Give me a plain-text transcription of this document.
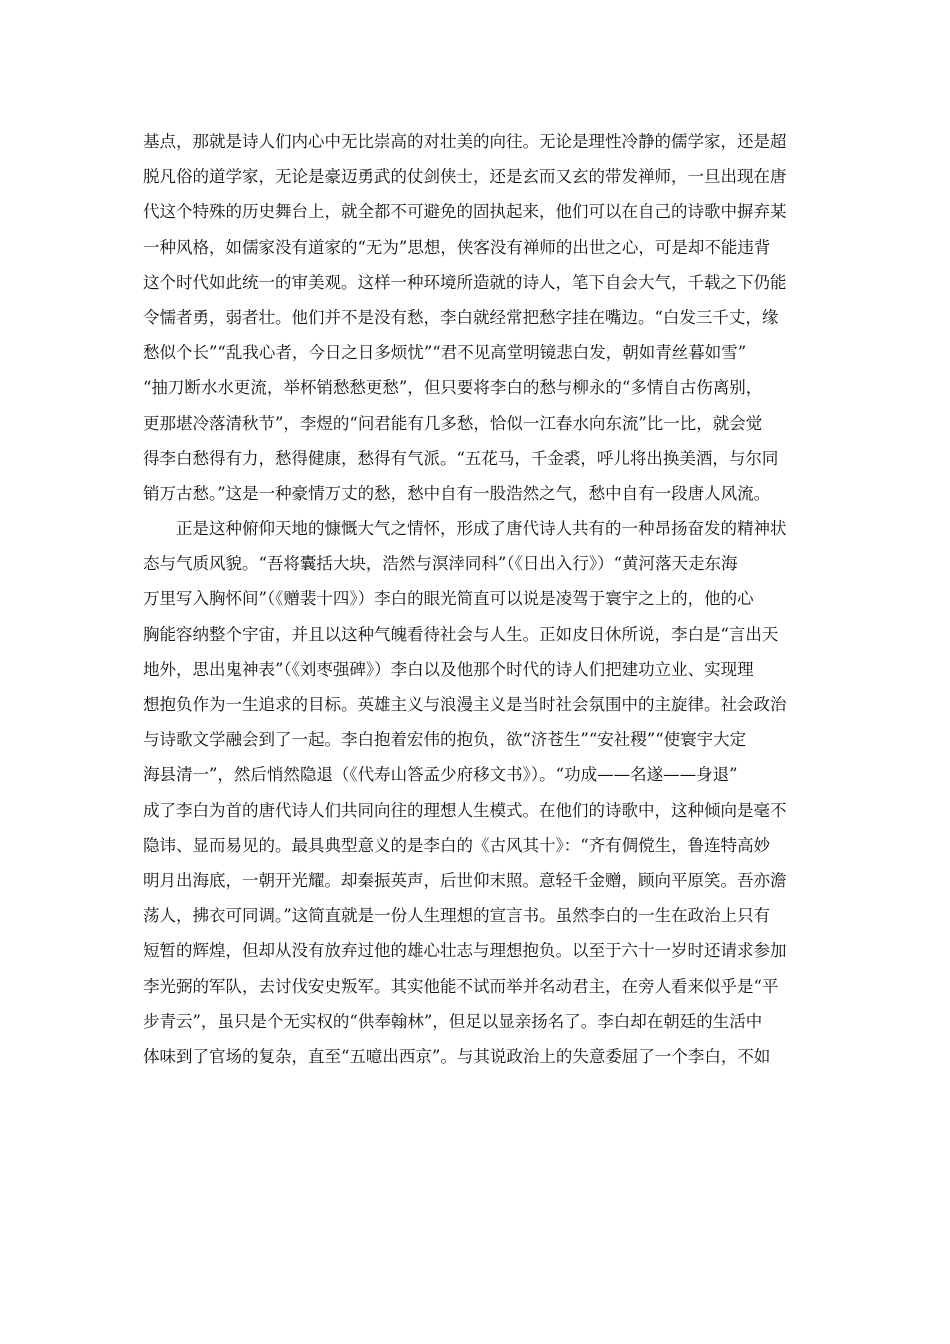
基点，那就是诗人们内心中无比崇高的对壮美的向往。无论是理性冷静的儒学家，还是超
脱凡俗的道学家，无论是豪迈勇武的仗剑侠士，还是玄而又玄的带发禅师，一旦出现在唐
代这个特殊的历史舞台上，就全都不可避免的固执起来，他们可以在自己的诗歌中摒弃某
一种风格，如儒家没有道家的“无为”思想，侠客没有禅师的出世之心，可是却不能违背
这个时代如此统一的审美观。这样一种环境所造就的诗人，笔下自会大气，千载之下仍能
令懦者勇，弱者壮。他们并不是没有愁，李白就经常把愁字挂在嘴边。“白发三千丈，缘
愁似个长”“乱我心者，今日之日多烦忧”“君不见高堂明镜悲白发，朝如青丝暮如雪”
“抽刀断水水更流，举杯销愁愁更愁”，但只要将李白的愁与柳永的“多情自古伤离别，
更那堪冷落清秋节”，李煜的“问君能有几多愁，恰似一江春水向东流”比一比，就会觉
得李白愁得有力，愁得健康，愁得有气派。“五花马，千金裘，呼儿将出换美酒，与尔同
销万古愁。”这是一种豪情万丈的愁，愁中自有一股浩然之气，愁中自有一段唐人风流。
　　正是这种俯仰天地的慷慨大气之情怀，形成了唐代诗人共有的一种昂扬奋发的精神状
态与气质风貌。“吾将囊括大块，浩然与溟涬同科”（《日出入行》）“黄河落天走东海
万里写入胸怀间”（《赠裴十四》）李白的眼光简直可以说是凌驾于寰宇之上的，他的心
胸能容纳整个宇宙，并且以这种气魄看待社会与人生。正如皮日休所说，李白是“言出天
地外，思出鬼神表”（《刘枣强碑》）李白以及他那个时代的诗人们把建功立业、实现理
想抱负作为一生追求的目标。英雄主义与浪漫主义是当时社会氛围中的主旋律。社会政治
与诗歌文学融会到了一起。李白抱着宏伟的抱负，欲“济苍生”“安社稷”“使寰宇大定
海县清一”，然后悄然隐退（《代寿山答孟少府移文书》）。“功成——名遂——身退”
成了李白为首的唐代诗人们共同向往的理想人生模式。在他们的诗歌中，这种倾向是毫不
隐讳、显而易见的。最具典型意义的是李白的《古风其十》：“齐有倜傥生，鲁连特高妙
明月出海底，一朝开光耀。却秦振英声，后世仰末照。意轻千金赠，顾向平原笑。吾亦澹
荡人，拂衣可同调。”这简直就是一份人生理想的宣言书。虽然李白的一生在政治上只有
短暂的辉煌，但却从没有放弃过他的雄心壮志与理想抱负。以至于六十一岁时还请求参加
李光弼的军队，去讨伐安史叛军。其实他能不试而举并名动君主，在旁人看来似乎是“平
步青云”，虽只是个无实权的“供奉翰林”，但足以显亲扬名了。李白却在朝廷的生活中
体味到了官场的复杂，直至“五噫出西京”。与其说政治上的失意委屈了一个李白，不如
